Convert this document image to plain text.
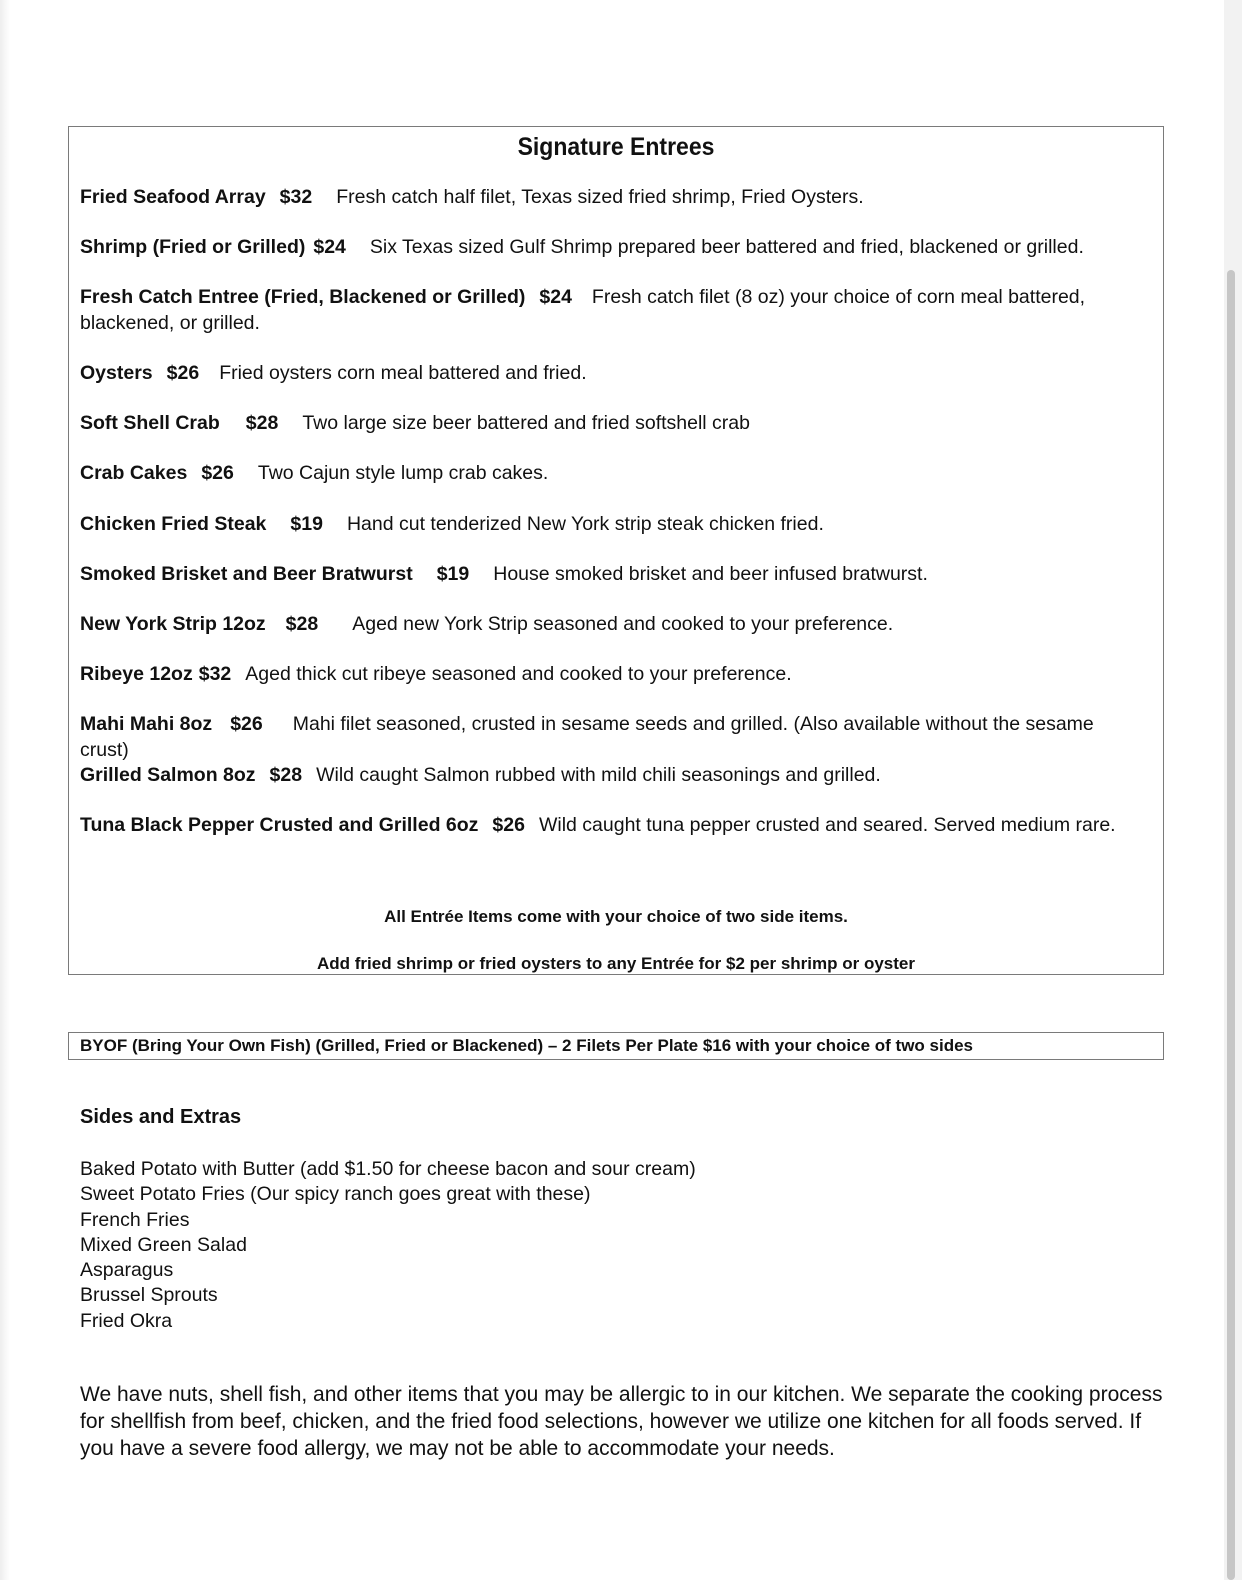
Signature Entrees
Fried Seafood Array $32 Fresh catch half filet, Texas sized fried shrimp, Fried Oysters.
Shrimp (Fried or Grilled) $24 Six Texas sized Gulf Shrimp prepared beer battered and fried, blackened or grilled.
Fresh Catch Entree (Fried, Blackened or Grilled) $24 Fresh catch filet (8 oz) your choice of corn meal battered, blackened, or grilled.
Oysters $26 Fried oysters corn meal battered and fried.
Soft Shell Crab $28 Two large size beer battered and fried softshell crab
Crab Cakes $26 Two Cajun style lump crab cakes.
Chicken Fried Steak $19 Hand cut tenderized New York strip steak chicken fried.
Smoked Brisket and Beer Bratwurst $19 House smoked brisket and beer infused bratwurst.
New York Strip 12oz $28 Aged new York Strip seasoned and cooked to your preference.
Ribeye 12oz $32 Aged thick cut ribeye seasoned and cooked to your preference.
Mahi Mahi 8oz $26 Mahi filet seasoned, crusted in sesame seeds and grilled. (Also available without the sesame crust)
Grilled Salmon 8oz $28 Wild caught Salmon rubbed with mild chili seasonings and grilled.
Tuna Black Pepper Crusted and Grilled 6oz $26 Wild caught tuna pepper crusted and seared. Served medium rare.
All Entrée Items come with your choice of two side items.
Add fried shrimp or fried oysters to any Entrée for $2 per shrimp or oyster
BYOF (Bring Your Own Fish) (Grilled, Fried or Blackened) – 2 Filets Per Plate $16 with your choice of two sides
Sides and Extras
Baked Potato with Butter (add $1.50 for cheese bacon and sour cream)
Sweet Potato Fries (Our spicy ranch goes great with these)
French Fries
Mixed Green Salad
Asparagus
Brussel Sprouts
Fried Okra
We have nuts, shell fish, and other items that you may be allergic to in our kitchen. We separate the cooking process for shellfish from beef, chicken, and the fried food selections, however we utilize one kitchen for all foods served. If you have a severe food allergy, we may not be able to accommodate your needs.
